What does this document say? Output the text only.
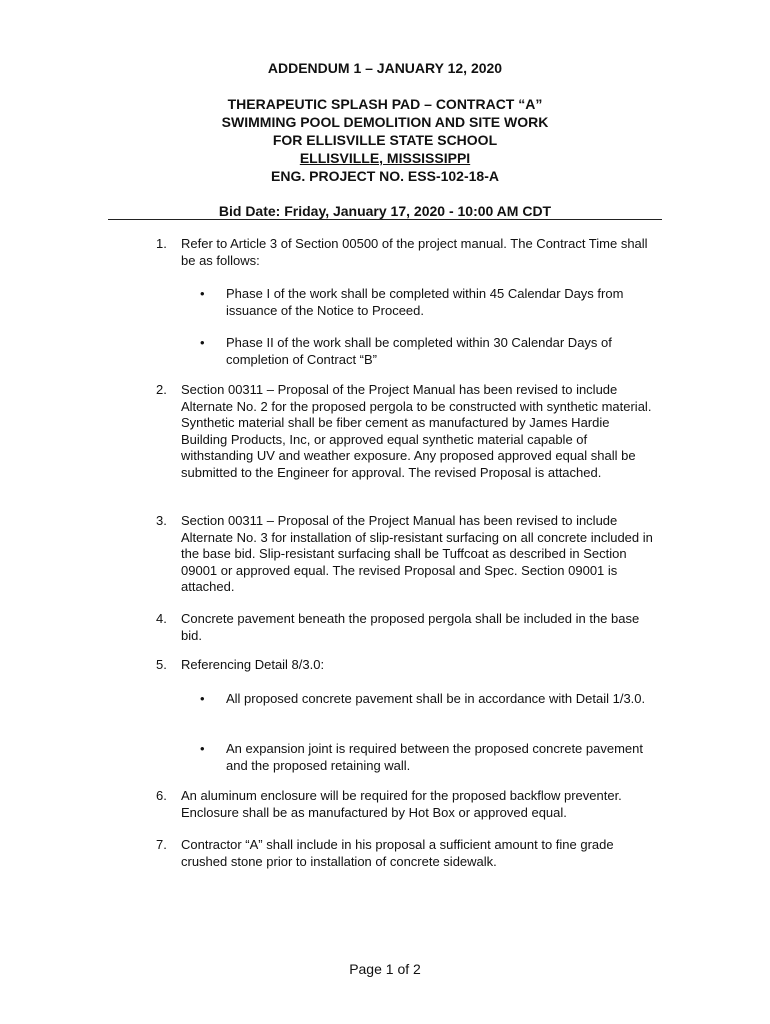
ADDENDUM 1 – JANUARY 12, 2020
THERAPEUTIC SPLASH PAD – CONTRACT “A”
SWIMMING POOL DEMOLITION AND SITE WORK
FOR ELLISVILLE STATE SCHOOL
ELLISVILLE, MISSISSIPPI
ENG. PROJECT NO. ESS-102-18-A
Bid Date: Friday, January 17, 2020 - 10:00 AM CDT
1.	Refer to Article 3 of Section 00500 of the project manual. The Contract Time shall be as follows:
•	Phase I of the work shall be completed within 45 Calendar Days from issuance of the Notice to Proceed.
•	Phase II of the work shall be completed within 30 Calendar Days of completion of Contract “B”
2.	Section 00311 – Proposal of the Project Manual has been revised to include Alternate No. 2 for the proposed pergola to be constructed with synthetic material. Synthetic material shall be fiber cement as manufactured by James Hardie Building Products, Inc, or approved equal synthetic material capable of withstanding UV and weather exposure. Any proposed approved equal shall be submitted to the Engineer for approval. The revised Proposal is attached.
3.	Section 00311 – Proposal of the Project Manual has been revised to include Alternate No. 3 for installation of slip-resistant surfacing on all concrete included in the base bid. Slip-resistant surfacing shall be Tuffcoat as described in Section 09001 or approved equal. The revised Proposal and Spec. Section 09001 is attached.
4.	Concrete pavement beneath the proposed pergola shall be included in the base bid.
5.	Referencing Detail 8/3.0:
•	All proposed concrete pavement shall be in accordance with Detail 1/3.0.
•	An expansion joint is required between the proposed concrete pavement and the proposed retaining wall.
6.	An aluminum enclosure will be required for the proposed backflow preventer. Enclosure shall be as manufactured by Hot Box or approved equal.
7.	Contractor “A” shall include in his proposal a sufficient amount to fine grade crushed stone prior to installation of concrete sidewalk.
Page 1 of 2
